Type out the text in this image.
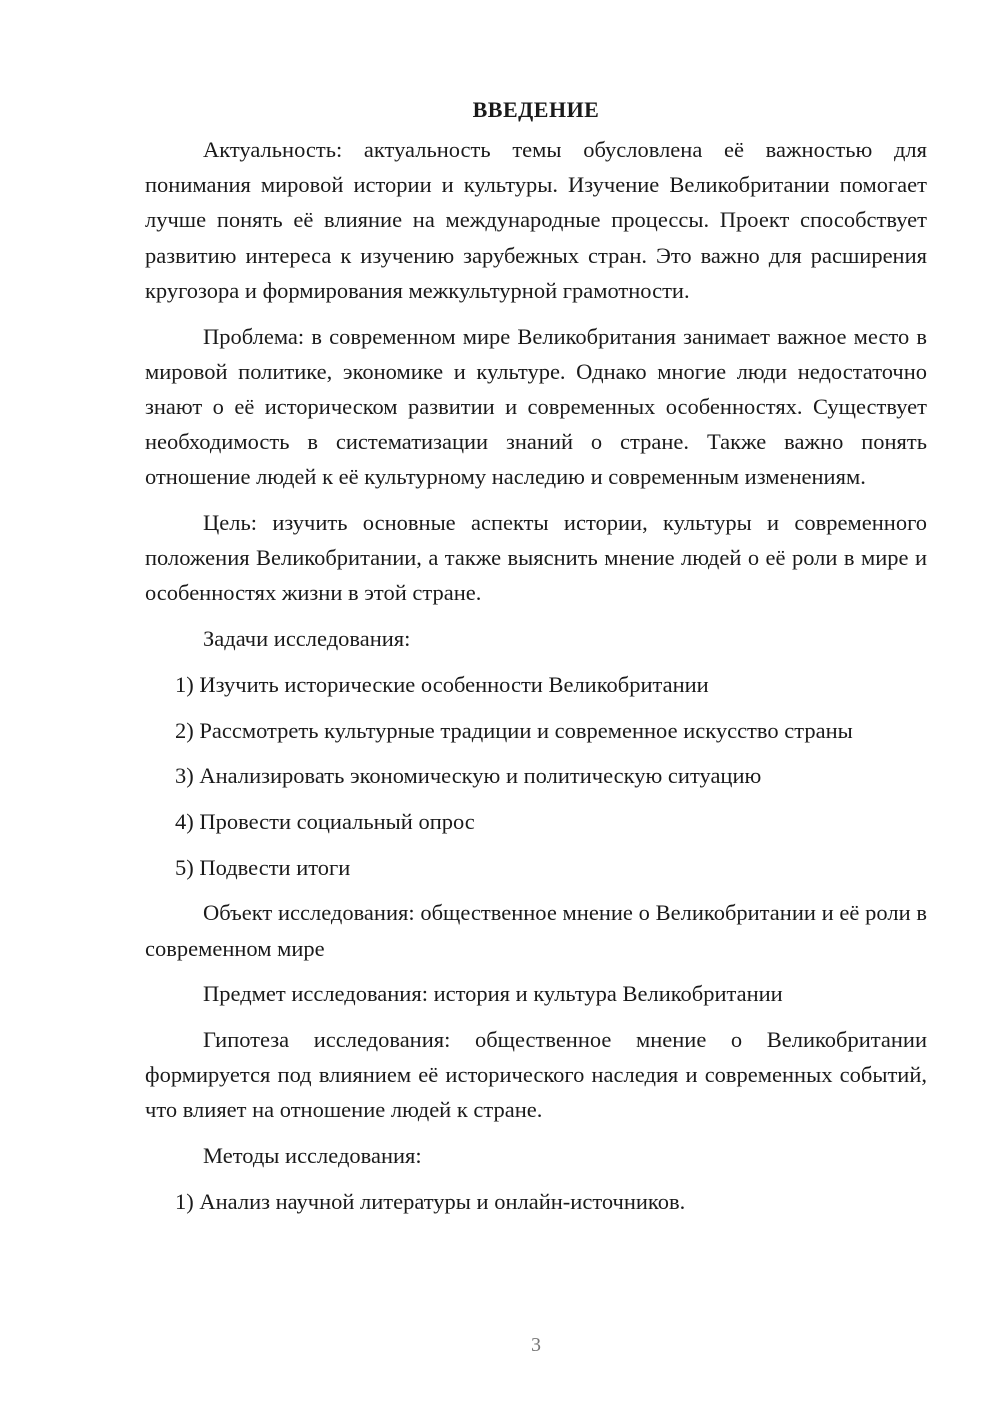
ВВЕДЕНИЕ

Актуальность: актуальность темы обусловлена её важностью для понимания мировой истории и культуры. Изучение Великобритании помогает лучше понять её влияние на международные процессы. Проект способствует развитию интереса к изучению зарубежных стран. Это важно для расширения кругозора и формирования межкультурной грамотности.

Проблема: в современном мире Великобритания занимает важное место в мировой политике, экономике и культуре. Однако многие люди недостаточно знают о её историческом развитии и современных особенностях. Существует необходимость в систематизации знаний о стране. Также важно понять отношение людей к её культурному наследию и современным изменениям.

Цель: изучить основные аспекты истории, культуры и современного положения Великобритании, а также выяснить мнение людей о её роли в мире и особенностях жизни в этой стране.

Задачи исследования:

1) Изучить исторические особенности Великобритании

2) Рассмотреть культурные традиции и современное искусство страны

3) Анализировать экономическую и политическую ситуацию

4) Провести социальный опрос

5) Подвести итоги

Объект исследования: общественное мнение о Великобритании и её роли в современном мире

Предмет исследования: история и культура Великобритании

Гипотеза исследования: общественное мнение о Великобритании формируется под влиянием её исторического наследия и современных событий, что влияет на отношение людей к стране.

Методы исследования:

1) Анализ научной литературы и онлайн-источников.

3
